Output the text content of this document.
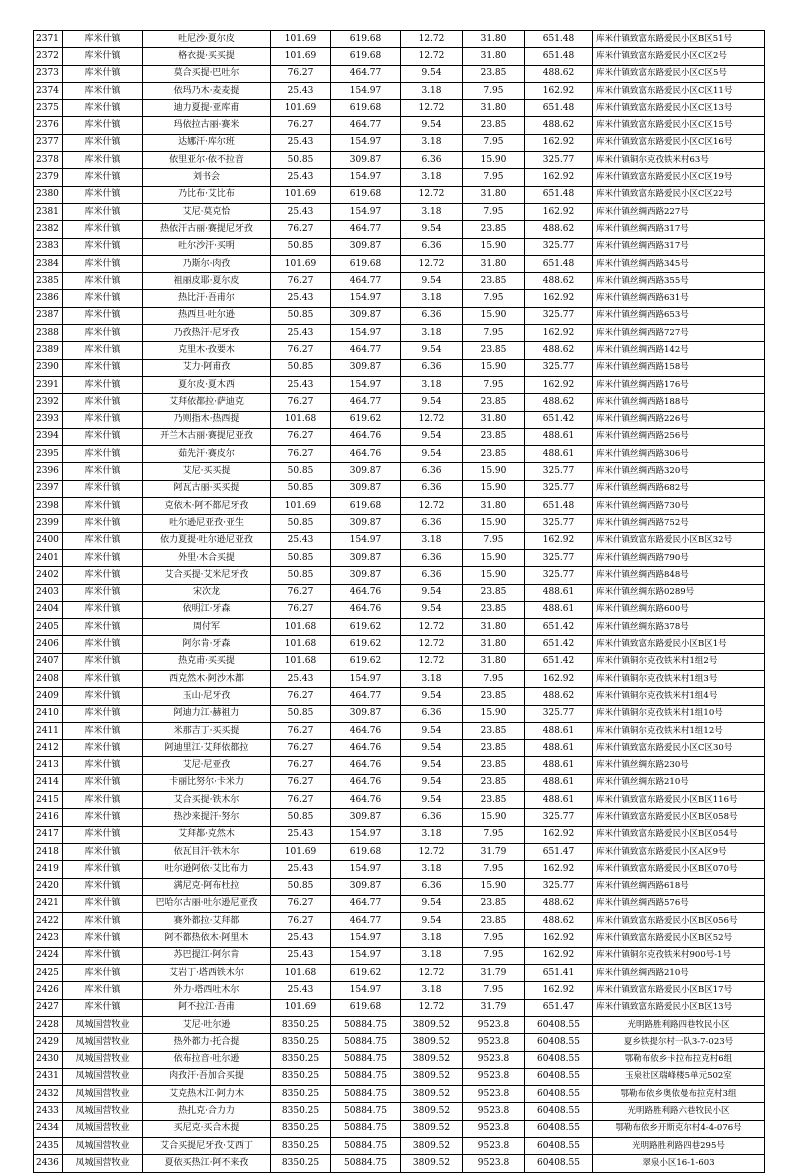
2371	库米什镇	吐尼沙·夏尔皮	101.69	619.68	12.72	31.80	651.48	库米什镇致富东路爱民小区B区51号
2372	库米什镇	格衣提·买买提	101.69	619.68	12.72	31.80	651.48	库米什镇致富东路爱民小区C区2号
2373	库米什镇	莫合买提·巴吐尔	76.27	464.77	9.54	23.85	488.62	库米什镇致富东路爱民小区C区5号
2374	库米什镇	依玛乃木·麦麦提	25.43	154.97	3.18	7.95	162.92	库米什镇致富东路爱民小区C区11号
2375	库米什镇	迪力夏提·亚库甫	101.69	619.68	12.72	31.80	651.48	库米什镇致富东路爱民小区C区13号
2376	库米什镇	玛依拉古丽·赛米	76.27	464.77	9.54	23.85	488.62	库米什镇致富东路爱民小区C区15号
2377	库米什镇	达娜汗·库尔班	25.43	154.97	3.18	7.95	162.92	库米什镇致富东路爱民小区C区16号
2378	库米什镇	依里亚尔·依不拉音	50.85	309.87	6.36	15.90	325.77	库米什镇铜尔克孜铁米村63号
2379	库米什镇	刘书会	25.43	154.97	3.18	7.95	162.92	库米什镇致富东路爱民小区C区19号
2380	库米什镇	乃比布·艾比布	101.69	619.68	12.72	31.80	651.48	库米什镇致富东路爱民小区C区22号
2381	库米什镇	艾尼·莫克恰	25.43	154.97	3.18	7.95	162.92	库米什镇丝绸西路227号
2382	库米什镇	热依汗古丽·赛提尼牙孜	76.27	464.77	9.54	23.85	488.62	库米什镇丝绸西路317号
2383	库米什镇	吐尔沙汗·买明	50.85	309.87	6.36	15.90	325.77	库米什镇丝绸西路317号
2384	库米什镇	乃斯尔·肉孜	101.69	619.68	12.72	31.80	651.48	库米什镇丝绸西路345号
2385	库米什镇	祖丽皮耶·夏尔皮	76.27	464.77	9.54	23.85	488.62	库米什镇丝绸西路355号
2386	库米什镇	热比汗·吾甫尔	25.43	154.97	3.18	7.95	162.92	库米什镇丝绸西路631号
2387	库米什镇	热西旦·吐尔逊	50.85	309.87	6.36	15.90	325.77	库米什镇丝绸西路653号
2388	库米什镇	乃孜热汗·尼牙孜	25.43	154.97	3.18	7.95	162.92	库米什镇丝绸西路727号
2389	库米什镇	克里木·孜要木	76.27	464.77	9.54	23.85	488.62	库米什镇丝绸西路142号
2390	库米什镇	艾力·阿甫孜	50.85	309.87	6.36	15.90	325.77	库米什镇丝绸西路158号
2391	库米什镇	夏尔皮·夏木西	25.43	154.97	3.18	7.95	162.92	库米什镇丝绸西路176号
2392	库米什镇	艾拜依都拉·萨迪克	76.27	464.77	9.54	23.85	488.62	库米什镇丝绸西路188号
2393	库米什镇	乃则指木·热西提	101.68	619.62	12.72	31.80	651.42	库米什镇丝绸西路226号
2394	库米什镇	开兰木古丽·赛提尼亚孜	76.27	464.76	9.54	23.85	488.61	库米什镇丝绸西路256号
2395	库米什镇	茹先汗·赛皮尔	76.27	464.76	9.54	23.85	488.61	库米什镇丝绸西路306号
2396	库米什镇	艾尼·买买提	50.85	309.87	6.36	15.90	325.77	库米什镇丝绸西路320号
2397	库米什镇	阿瓦古丽·买买提	50.85	309.87	6.36	15.90	325.77	库米什镇丝绸西路682号
2398	库米什镇	克依木·阿不都尼牙孜	101.69	619.68	12.72	31.80	651.48	库米什镇丝绸西路730号
2399	库米什镇	吐尔逊尼亚孜·亚生	50.85	309.87	6.36	15.90	325.77	库米什镇丝绸西路752号
2400	库米什镇	依力夏提·吐尔逊尼亚孜	25.43	154.97	3.18	7.95	162.92	库米什镇致富东路爱民小区B区32号
2401	库米什镇	外里·木合买提	50.85	309.87	6.36	15.90	325.77	库米什镇丝绸西路790号
2402	库米什镇	艾合买提·艾米尼牙孜	50.85	309.87	6.36	15.90	325.77	库米什镇丝绸西路848号
2403	库米什镇	宋次龙	76.27	464.76	9.54	23.85	488.61	库米什镇丝绸东路0289号
2404	库米什镇	依明江·牙森	76.27	464.76	9.54	23.85	488.61	库米什镇丝绸东路600号
2405	库米什镇	周付军	101.68	619.62	12.72	31.80	651.42	库米什镇丝绸东路378号
2406	库米什镇	阿尔肯·牙森	101.68	619.62	12.72	31.80	651.42	库米什镇致富东路爱民小区B区1号
2407	库米什镇	热克甫·买买提	101.68	619.62	12.72	31.80	651.42	库米什镇铜尔克孜铁米村1组2号
2408	库米什镇	西克然木·阿沙木都	25.43	154.97	3.18	7.95	162.92	库米什镇铜尔克孜铁米村1组3号
2409	库米什镇	玉山·尼牙孜	76.27	464.77	9.54	23.85	488.62	库米什镇铜尔克孜铁米村1组4号
2410	库米什镇	阿迪力江·赫祖力	50.85	309.87	6.36	15.90	325.77	库米什镇铜尔克孜铁米村1组10号
2411	库米什镇	米那吉丁·买买提	76.27	464.76	9.54	23.85	488.61	库米什镇铜尔克孜铁米村1组12号
2412	库米什镇	阿迪里江·艾拜依都拉	76.27	464.76	9.54	23.85	488.61	库米什镇致富东路爱民小区C区30号
2413	库米什镇	艾尼·尼亚孜	76.27	464.76	9.54	23.85	488.61	库米什镇丝绸东路230号
2414	库米什镇	卡丽比努尔·卡米力	76.27	464.76	9.54	23.85	488.61	库米什镇丝绸东路210号
2415	库米什镇	艾合买提·铁木尔	76.27	464.76	9.54	23.85	488.61	库米什镇致富东路爱民小区B区116号
2416	库米什镇	热沙来提汗·努尔	50.85	309.87	6.36	15.90	325.77	库米什镇致富东路爱民小区B区058号
2417	库米什镇	艾拜都·克然木	25.43	154.97	3.18	7.95	162.92	库米什镇致富东路爱民小区B区054号
2418	库米什镇	依瓦目汗·铁木尔	101.69	619.68	12.72	31.79	651.47	库米什镇致富东路爱民小区A区9号
2419	库米什镇	吐尔逊阿依·艾比布力	25.43	154.97	3.18	7.95	162.92	库米什镇致富东路爱民小区B区070号
2420	库米什镇	满尼克·阿布杜拉	50.85	309.87	6.36	15.90	325.77	库米什镇丝绸西路618号
2421	库米什镇	巴哈尔古丽·吐尔逊尼亚孜	76.27	464.77	9.54	23.85	488.62	库米什镇丝绸西路576号
2422	库米什镇	赛外都拉·艾拜都	76.27	464.77	9.54	23.85	488.62	库米什镇致富东路爱民小区B区056号
2423	库米什镇	阿不都热依木·阿里木	25.43	154.97	3.18	7.95	162.92	库米什镇致富东路爱民小区B区52号
2424	库米什镇	苏巴提江·阿尔肯	25.43	154.97	3.18	7.95	162.92	库米什镇铜尔克孜铁米村900号-1号
2425	库米什镇	艾岩丁·塔西铁木尔	101.68	619.62	12.72	31.79	651.41	库米什镇丝绸西路210号
2426	库米什镇	外力·塔西吐木尔	25.43	154.97	3.18	7.95	162.92	库米什镇致富东路爱民小区B区17号
2427	库米什镇	阿不拉江·吾甫	101.69	619.68	12.72	31.79	651.47	库米什镇致富东路爱民小区B区13号
2428	凤城国营牧业	艾尼·吐尔逊	8350.25	50884.75	3809.52	9523.8	60408.55	光明路胜利路四巷牧民小区
2429	凤城国营牧业	热外都力·托合提	8350.25	50884.75	3809.52	9523.8	60408.55	夏乡铁提尔村一队3-7-023号
2430	凤城国营牧业	依布拉音·吐尔逊	8350.25	50884.75	3809.52	9523.8	60408.55	鄂勒布依乡卡拉布拉克村6组
2431	凤城国营牧业	肉孜汗·吾加合买提	8350.25	50884.75	3809.52	9523.8	60408.55	玉泉社区瑞峰楼5单元502室
2432	凤城国营牧业	艾克热木江·阿力木	8350.25	50884.75	3809.52	9523.8	60408.55	鄂勒布依乡奥依曼布拉克村3组
2433	凤城国营牧业	热扎克·合力力	8350.25	50884.75	3809.52	9523.8	60408.55	光明路胜利路六巷牧民小区
2434	凤城国营牧业	买尼克·买合木提	8350.25	50884.75	3809.52	9523.8	60408.55	鄂勒布依乡开斯克尔村4-4-076号
2435	凤城国营牧业	艾合买提尼牙孜·艾西丁	8350.25	50884.75	3809.52	9523.8	60408.55	光明路胜利路四巷295号
2436	凤城国营牧业	夏依买热江·阿不来孜	8350.25	50884.75	3809.52	9523.8	60408.55	翠泉小区16-1-603
